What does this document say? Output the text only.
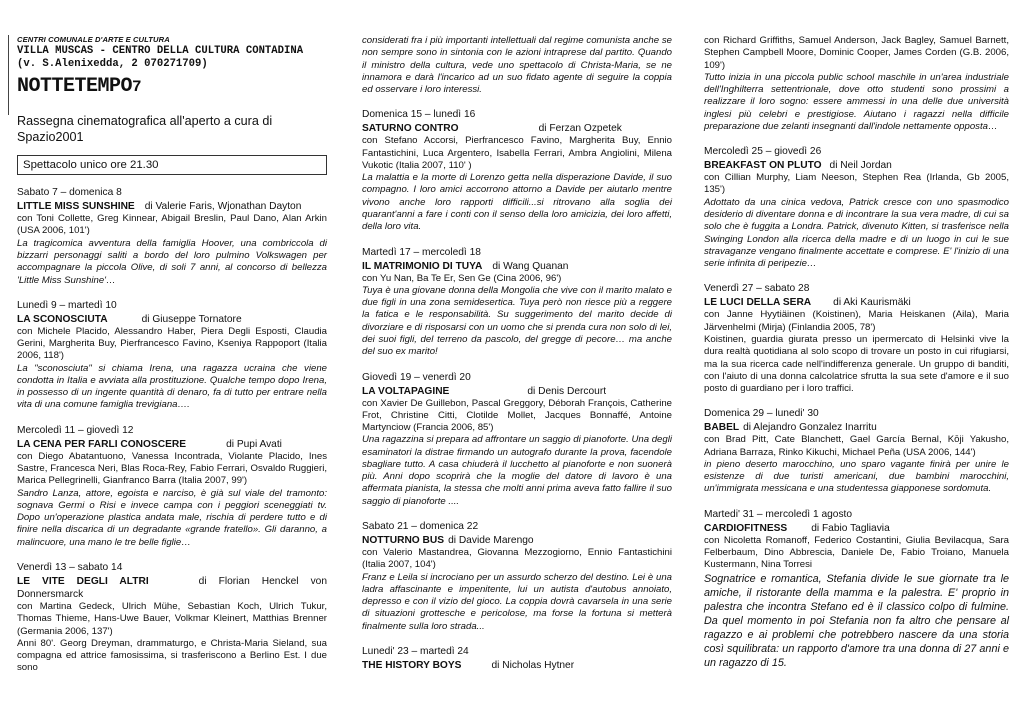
CENTRI COMUNALE D'ARTE E CULTURA
VILLA MUSCAS - CENTRO DELLA CULTURA CONTADINA (v. S.Alenixedda, 2 070271709)
NOTTETEMPO7
Rassegna cinematografica all'aperto a cura di Spazio2001
Spettacolo unico ore 21.30
Sabato 7 – domenica 8
LITTLE MISS SUNSHINE di Valerie Faris, Wjonathan Dayton

con Toni Collette, Greg Kinnear, Abigail Breslin, Paul Dano, Alan Arkin (USA 2006, 101')

La tragicomica avventura della famiglia Hoover, una combriccola di bizzarri personaggi saliti a bordo del loro pulmino Volkswagen per accompagnare la piccola Olive, di soli 7 anni, al concorso di bellezza 'Little Miss Sunshine'…

Lunedì 9 – martedì 10
LA SCONOSCIUTA	di Giuseppe Tornatore

con Michele Placido, Alessandro Haber, Piera Degli Esposti, Claudia Gerini, Margherita Buy, Pierfrancesco Favino, Kseniya Rappoport (Italia 2006, 118')

La "sconosciuta" si chiama Irena, una ragazza ucraina che viene condotta in Italia e avviata alla prostituzione. Qualche tempo dopo Irena, in possesso di un ingente quantità di denaro, fa di tutto per entrare nella vita di una comune famiglia trevigiana….

Mercoledì 11 – giovedì 12
LA CENA PER FARLI CONOSCERE	di Pupi Avati

con Diego Abatantuono, Vanessa Incontrada, Violante Placido, Ines Sastre, Francesca Neri, Blas Roca-Rey, Fabio Ferrari, Osvaldo Ruggieri, Marica Pellegrinelli, Gianfranco Barra (Italia 2007, 99')

Sandro Lanza, attore, egoista e narciso, è già sul viale del tramonto: sognava Germi o Risi e invece campa con i peggiori sceneggiati tv. Dopo un'operazione plastica andata male, rischia di perdere tutto e di finire nella discarica di un degradante «grande fratello». Gli daranno, a malincuore, una mano le tre belle figlie…

Venerdì 13 – sabato 14
LE VITE DEGLI ALTRI	di Florian Henckel von Donnersmarck

con Martina Gedeck, Ulrich Mühe, Sebastian Koch, Ulrich Tukur, Thomas Thieme, Hans-Uwe Bauer, Volkmar Kleinert, Matthias Brenner (Germania 2006, 137')

Anni 80'. Georg Dreyman, drammaturgo, e Christa-Maria Sieland, sua compagna ed attrice famosissima, si trasferiscono a Berlino Est. I due sono

considerati fra i più importanti intellettuali dal regime comunista anche se non sempre sono in sintonia con le azioni intraprese dal partito. Quando il ministro della cultura, vede uno spettacolo di Christa-Maria, se ne innamora e darà l'incarico ad un suo fidato agente di seguire la coppia ed osservare i loro interessi.

Domenica 15 – lunedì 16
SATURNO CONTRO	di Ferzan Ozpetek

con Stefano Accorsi, Pierfrancesco Favino, Margherita Buy, Ennio Fantastichini, Luca Argentero, Isabella Ferrari, Ambra Angiolini, Milena Vukotic (Italia 2007, 110' )

La malattia e la morte di Lorenzo getta nella disperazione Davide, il suo compagno. I loro amici accorrono attorno a Davide per aiutarlo mentre vivono anche loro rapporti difficili...si ritrovano alla soglia dei quarant'anni a fare i conti con il senso della loro amicizia, dei loro affetti, della loro vita.

Martedì 17 – mercoledì 18
IL MATRIMONIO DI TUYA di Wang Quanan

con Yu Nan, Ba Te Er, Sen Ge (Cina 2006, 96')

Tuya è una giovane donna della Mongolia che vive con il marito malato e due figli in una zona semidesertica. Tuya però non riesce più a reggere la fatica e le responsabilità. Su suggerimento del marito decide di divorziare e di risposarsi con un uomo che si prenda cura non solo di lei, dei suoi figli, del terreno da pascolo, del gregge di pecore… ma anche del suo ex marito!

Giovedì 19 – venerdì 20
LA VOLTAPAGINE	di Denis Dercourt

con Xavier De Guillebon, Pascal Greggory, Déborah François, Catherine Frot, Christine Citti, Clotilde Mollet, Jacques Bonnaffé, Antoine Martynciow (Francia 2006, 85')

Una ragazzina si prepara ad affrontare un saggio di pianoforte. Una degli esaminatori la distrae firmando un autografo durante la prova, facendole sbagliare tutto. A casa chiuderà il lucchetto al pianoforte e non suonerà più. Anni dopo scoprirà che la moglie del datore di lavoro è una affermata pianista, la stessa che molti anni prima aveva fatto fallire il suo saggio di pianoforte ....

Sabato 21 – domenica 22
NOTTURNO BUS di Davide Marengo

con Valerio Mastandrea, Giovanna Mezzogiorno, Ennio Fantastichini (Italia 2007, 104')

Franz e Leila si incrociano per un assurdo scherzo del destino. Lei è una ladra affascinante e impenitente, lui un autista d'autobus annoiato, depresso e con il vizio del gioco. La coppia dovrà cavarsela in una serie di situazioni grottesche e pericolose, ma forse la fortuna si metterà finalmente sulla loro strada...

Lunedi' 23 – martedì 24
THE HISTORY BOYS	di Nicholas Hytner

con Richard Griffiths, Samuel Anderson, Jack Bagley, Samuel Barnett, Stephen Campbell Moore, Dominic Cooper, James Corden (G.B. 2006, 109')

Tutto inizia in una piccola public school maschile in un'area industriale dell'Inghilterra settentrionale, dove otto studenti sono prossimi a realizzare il loro sogno: essere ammessi in una delle due università inglesi più celebri e prestigiose. Aiutano i ragazzi nella difficile preparazione due zelanti insegnanti dall'indole nettamente opposta…

Mercoledì 25 – giovedì 26
BREAKFAST ON PLUTO di Neil Jordan

con Cillian Murphy, Liam Neeson, Stephen Rea (Irlanda, Gb 2005, 135')

Adottato da una cinica vedova, Patrick cresce con uno spasmodico desiderio di diventare donna e di incontrare la sua vera madre, di cui sa solo che è fuggita a Londra. Patrick, divenuto Kitten, si trasferisce nella Swinging London alla ricerca della madre e di un luogo in cui le sue stravaganze vengano finalmente accettate e comprese. E' l'inizio di una serie infinita di peripezie…

Venerdì 27 – sabato 28
LE LUCI DELLA SERA di Aki Kaurismäki

con Janne Hyytiäinen (Koistinen), Maria Heiskanen (Aila), Maria Järvenhelmi (Mirja) (Finlandia 2005, 78')

Koistinen, guardia giurata presso un ipermercato di Helsinki vive la dura realtà quotidiana al solo scopo di trovare un posto in cui rifugiarsi, ma la sua ricerca cade nell'indifferenza generale. Un gruppo di banditi, con l'aiuto di una donna calcolatrice sfrutta la sua sete d'amore e il suo posto di guardiano per i loro traffici.

Domenica 29 – lunedi' 30
BABEL di Alejandro Gonzalez Inarritu

con Brad Pitt, Cate Blanchett, Gael García Bernal, Kōji Yakusho, Adriana Barraza, Rinko Kikuchi, Michael Peña (USA 2006, 144')

in pieno deserto marocchino, uno sparo vagante finirà per unire le esistenze di due turisti americani, due bambini marocchini, un'immigrata messicana e una studentessa giapponese sordomuta.

Martedi' 31 – mercoledì 1 agosto
CARDIOFITNESS di Fabio Tagliavia

con Nicoletta Romanoff, Federico Costantini, Giulia Bevilacqua, Sara Felberbaum, Dino Abbrescia, Daniele De, Fabio Troiano, Manuela Kustermann, Nina Torresi

Sognatrice e romantica, Stefania divide le sue giornate tra le amiche, il ristorante della mamma e la palestra. E' proprio in palestra che incontra Stefano ed è il classico colpo di fulmine. Da quel momento in poi Stefania non fa altro che pensare al ragazzo e ai problemi che potrebbero nascere da una storia così squilibrata: un rapporto d'amore tra una donna di 27 anni e un ragazzo di 15.
